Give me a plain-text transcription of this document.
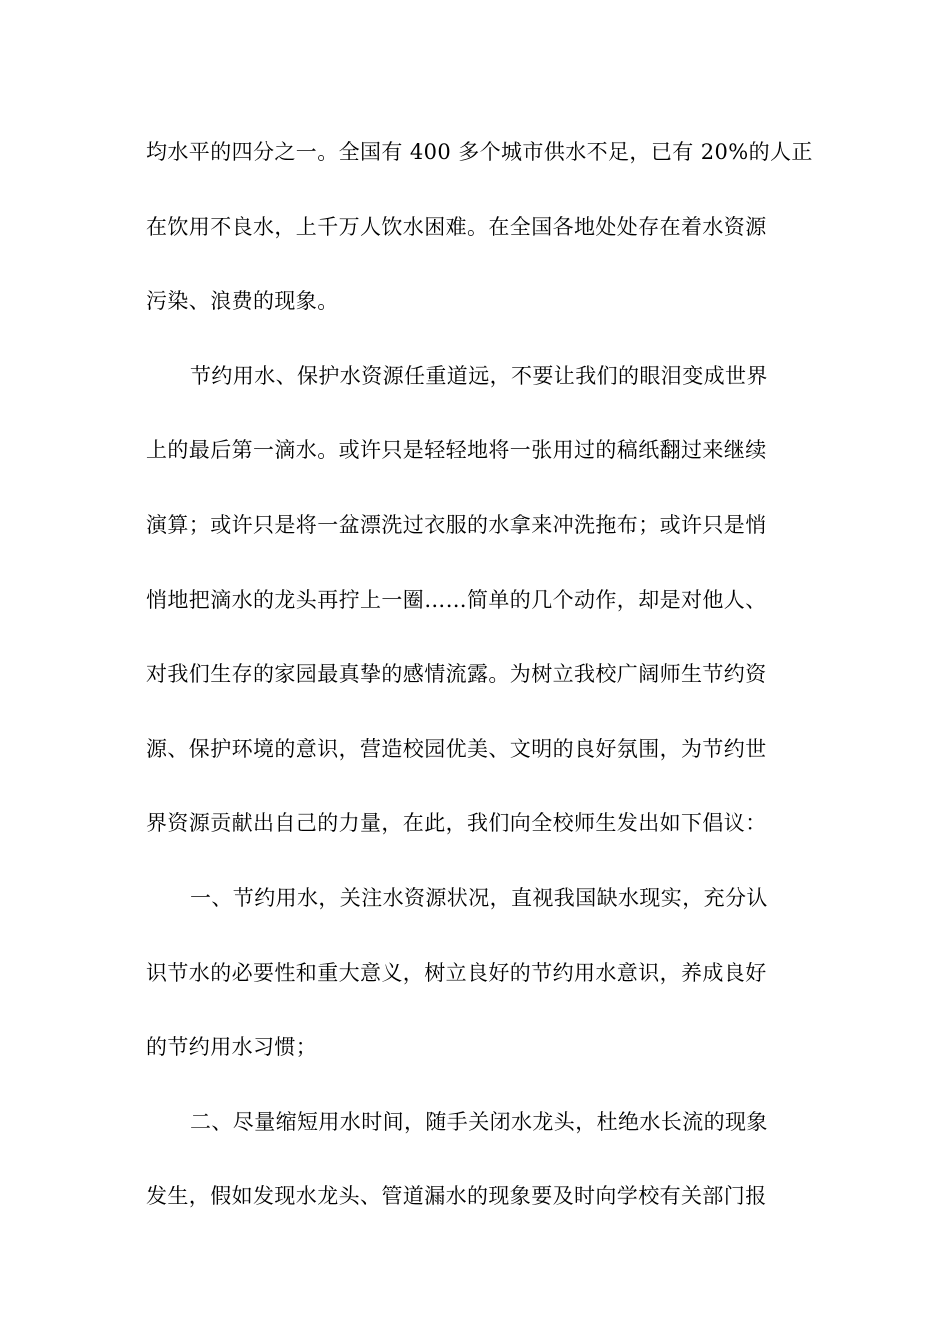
均水平的四分之一。全国有 400 多个城市供水不足，已有 20%的人正
在饮用不良水，上千万人饮水困难。在全国各地处处存在着水资源
污染、浪费的现象。
节约用水、保护水资源任重道远，不要让我们的眼泪变成世界
上的最后第一滴水。或许只是轻轻地将一张用过的稿纸翻过来继续
演算；或许只是将一盆漂洗过衣服的水拿来冲洗拖布；或许只是悄
悄地把滴水的龙头再拧上一圈……简单的几个动作，却是对他人、
对我们生存的家园最真挚的感情流露。为树立我校广阔师生节约资
源、保护环境的意识，营造校园优美、文明的良好氛围，为节约世
界资源贡献出自己的力量，在此，我们向全校师生发出如下倡议：
一、节约用水，关注水资源状况，直视我国缺水现实，充分认
识节水的必要性和重大意义，树立良好的节约用水意识，养成良好
的节约用水习惯；
二、尽量缩短用水时间，随手关闭水龙头，杜绝水长流的现象
发生，假如发现水龙头、管道漏水的现象要及时向学校有关部门报
